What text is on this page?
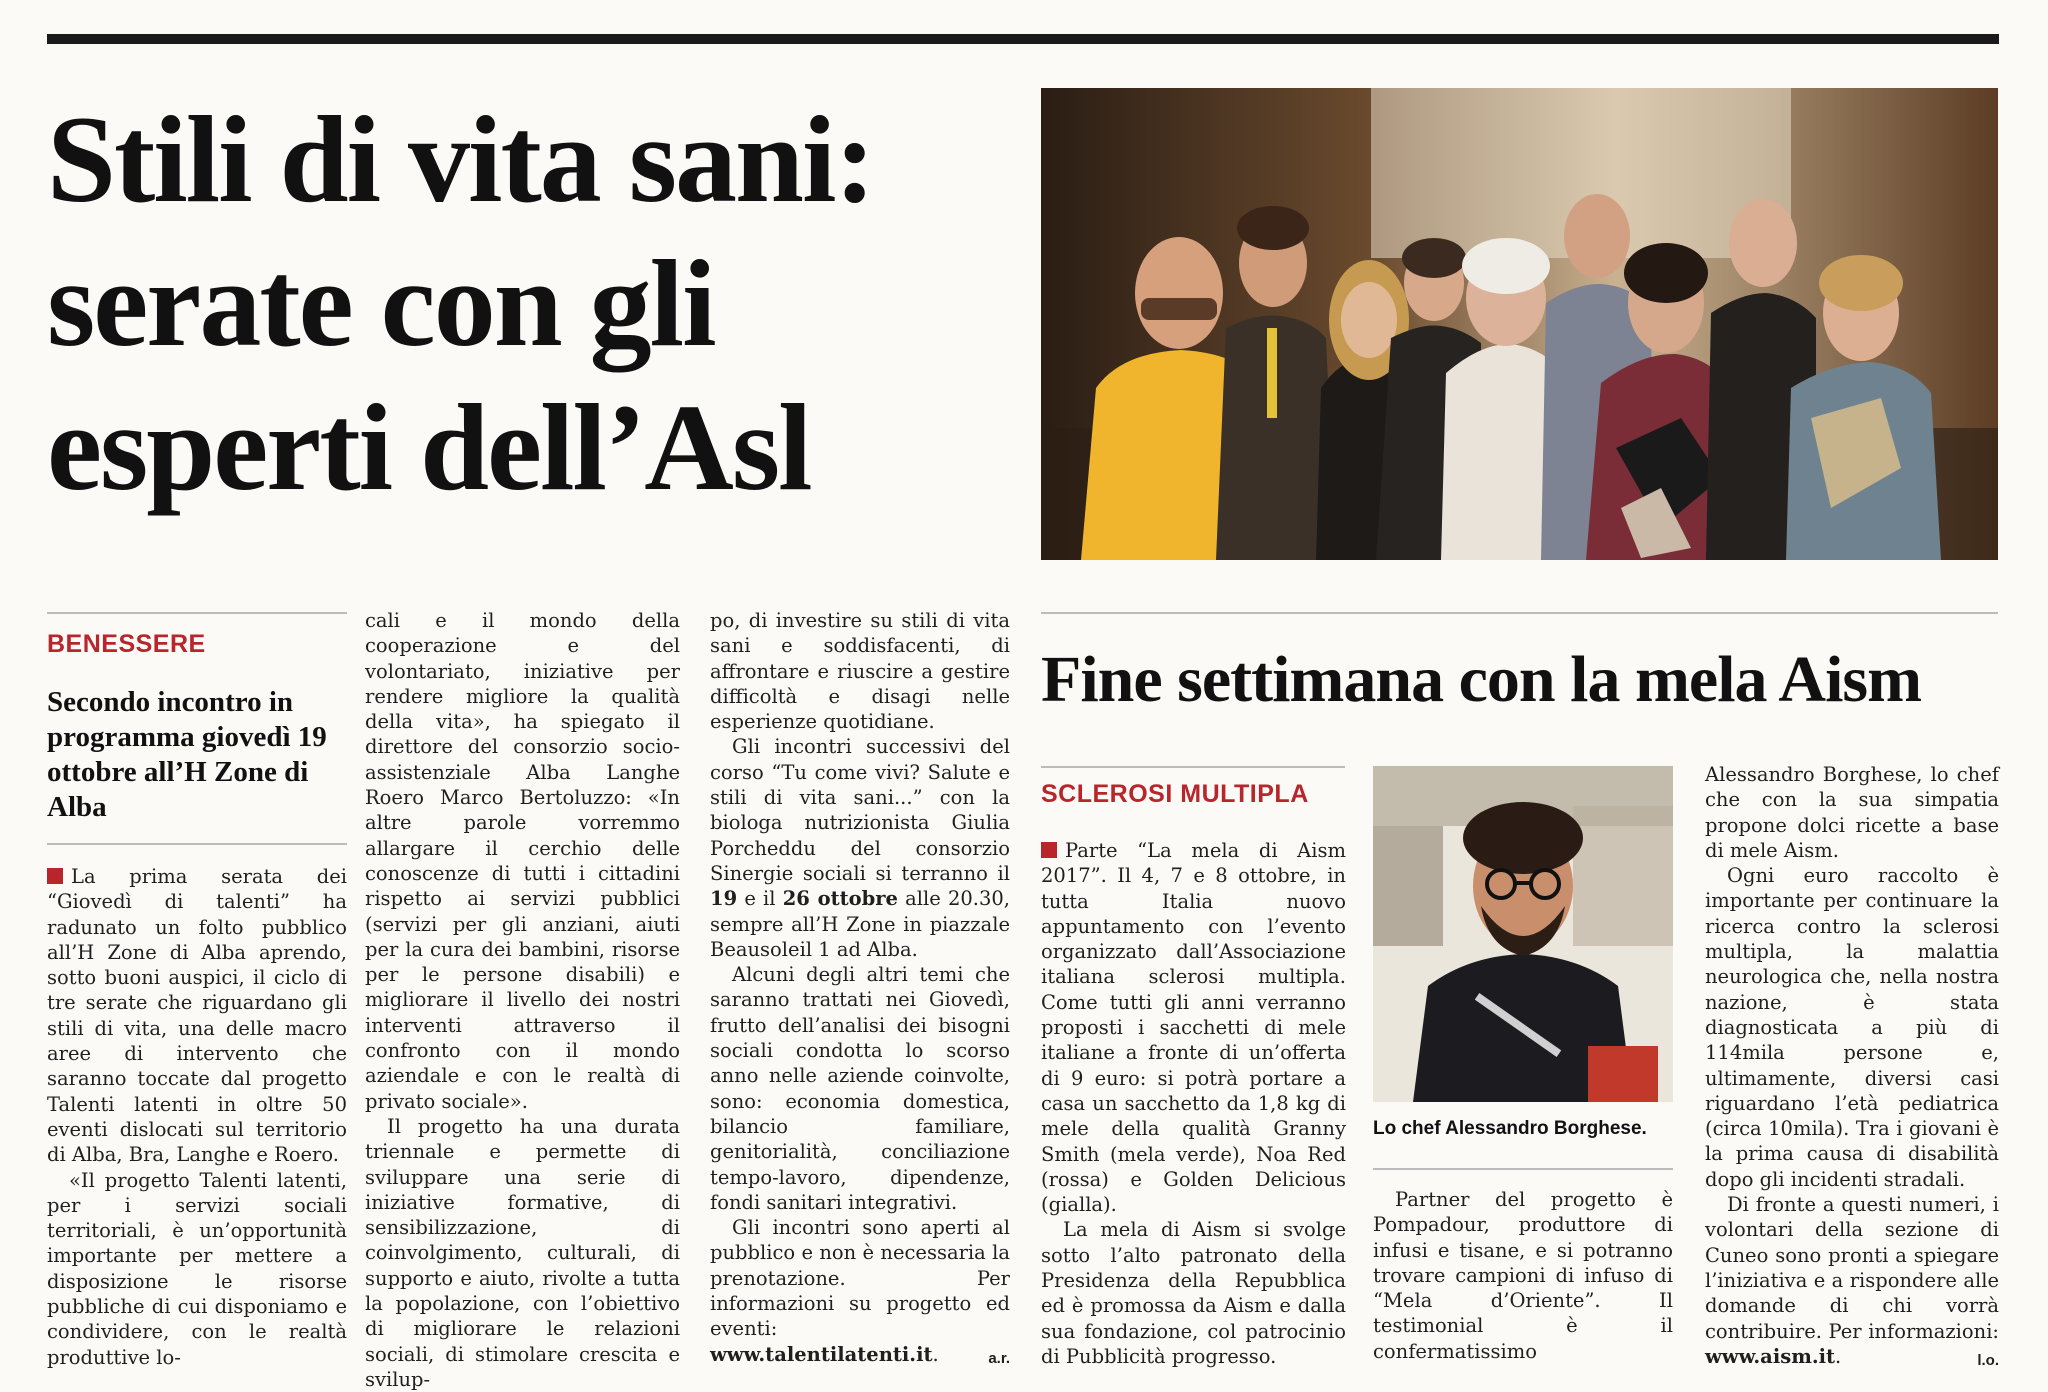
Stili di vita sani:
serate con gli
esperti dell’Asl
BENESSERE
Secondo incontro in programma giovedì 19 ottobre all’H Zone di Alba

La prima serata dei “Giovedì di talenti” ha radunato un folto pubblico all’H Zone di Alba aprendo, sotto buoni auspici, il ciclo di tre serate che riguardano gli stili di vita, una delle macro aree di intervento che saranno toccate dal progetto Talenti latenti in oltre 50 eventi dislocati sul territorio di Alba, Bra, Langhe e Roero.

«Il progetto Talenti latenti, per i servizi sociali territoriali, è un’opportunità importante per mettere a disposizione le risorse pubbliche di cui disponiamo e condividere, con le realtà produttive lo-

cali e il mondo della cooperazione e del volontariato, iniziative per rendere migliore la qualità della vita», ha spiegato il direttore del consorzio socio-assistenziale Alba Langhe Roero Marco Bertoluzzo: «In altre parole vorremmo allargare il cerchio delle conoscenze di tutti i cittadini rispetto ai servizi pubblici (servizi per gli anziani, aiuti per la cura dei bambini, risorse per le persone disabili) e migliorare il livello dei nostri interventi attraverso il confronto con il mondo aziendale e con le realtà di privato sociale».

Il progetto ha una durata triennale e permette di sviluppare una serie di iniziative formative, di sensibilizzazione, di coinvolgimento, culturali, di supporto e aiuto, rivolte a tutta la popolazione, con l’obiettivo di migliorare le relazioni sociali, di stimolare crescita e svilup-

po, di investire su stili di vita sani e soddisfacenti, di affrontare e riuscire a gestire difficoltà e disagi nelle esperienze quotidiane.

Gli incontri successivi del corso “Tu come vivi? Salute e stili di vita sani...” con la biologa nutrizionista Giulia Porcheddu del consorzio Sinergie sociali si terranno il 19 e il 26 ottobre alle 20.30, sempre all’H Zone in piazzale Beausoleil 1 ad Alba.

Alcuni degli altri temi che saranno trattati nei Giovedì, frutto dell’analisi dei bisogni sociali condotta lo scorso anno nelle aziende coinvolte, sono: economia domestica, bilancio familiare, genitorialità, conciliazione tempo-lavoro, dipendenze, fondi sanitari integrativi.

Gli incontri sono aperti al pubblico e non è necessaria la prenotazione. Per informazioni su progetto ed eventi: www.talentilatenti.it.	a.r.

Fine settimana con la mela Aism
SCLEROSI MULTIPLA

Parte “La mela di Aism 2017”. Il 4, 7 e 8 ottobre, in tutta Italia nuovo appuntamento con l’evento organizzato dall’Associazione italiana sclerosi multipla. Come tutti gli anni verranno proposti i sacchetti di mele italiane a fronte di un’offerta di 9 euro: si potrà portare a casa un sacchetto da 1,8 kg di mele della qualità Granny Smith (mela verde), Noa Red (rossa) e Golden Delicious (gialla).

La mela di Aism si svolge sotto l’alto patronato della Presidenza della Repubblica ed è promossa da Aism e dalla sua fondazione, col patrocinio di Pubblicità progresso.

Lo chef Alessandro Borghese.

Partner del progetto è Pompadour, produttore di infusi e tisane, e si potranno trovare campioni di infuso di “Mela d’Oriente”. Il testimonial è il confermatissimo

Alessandro Borghese, lo chef che con la sua simpatia propone dolci ricette a base di mele Aism.

Ogni euro raccolto è importante per continuare la ricerca contro la sclerosi multipla, la malattia neurologica che, nella nostra nazione, è stata diagnosticata a più di 114mila persone e, ultimamente, diversi casi riguardano l’età pediatrica (circa 10mila). Tra i giovani è la prima causa di disabilità dopo gli incidenti stradali.

Di fronte a questi numeri, i volontari della sezione di Cuneo sono pronti a spiegare l’iniziativa e a rispondere alle domande di chi vorrà contribuire. Per informazioni: www.aism.it.	l.o.
